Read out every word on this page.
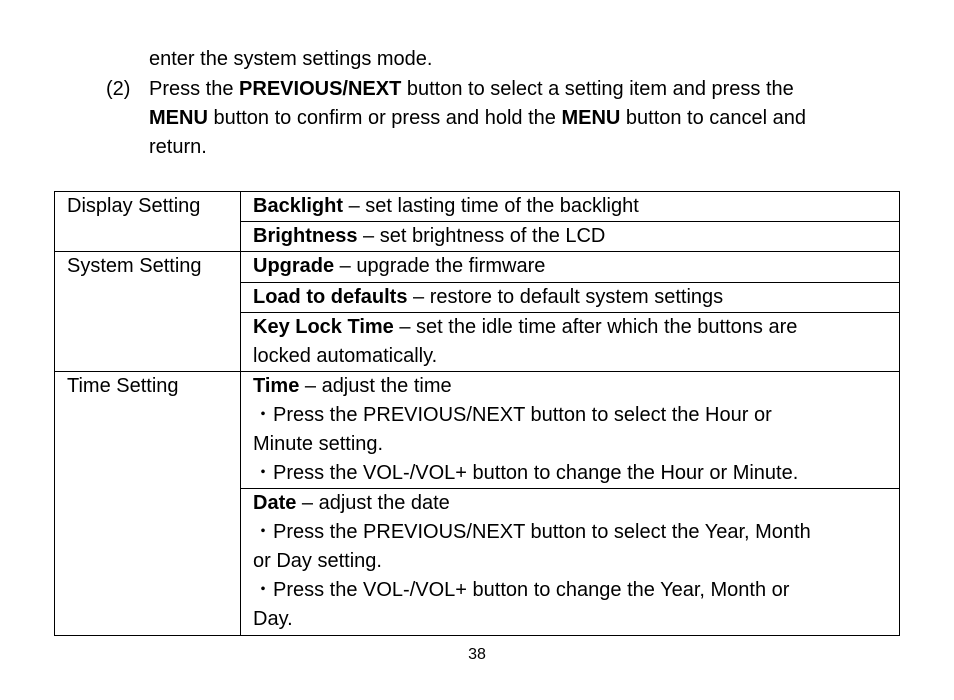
enter the system settings mode.
(2) Press the PREVIOUS/NEXT button to select a setting item and press the
MENU button to confirm or press and hold the MENU button to cancel and
return.
Display Setting	Backlight – set lasting time of the backlight
	Brightness – set brightness of the LCD
System Setting	Upgrade – upgrade the firmware
	Load to defaults – restore to default system settings

	Key Lock Time – set the idle time after which the buttons are
locked automatically.

Time Setting	Time – adjust the time
・Press the PREVIOUS/NEXT button to select the Hour or
Minute setting.
・Press the VOL-/VOL+ button to change the Hour or Minute.

	Date – adjust the date
・Press the PREVIOUS/NEXT button to select the Year, Month
or Day setting.
・Press the VOL-/VOL+ button to change the Year, Month or
Day.
38
